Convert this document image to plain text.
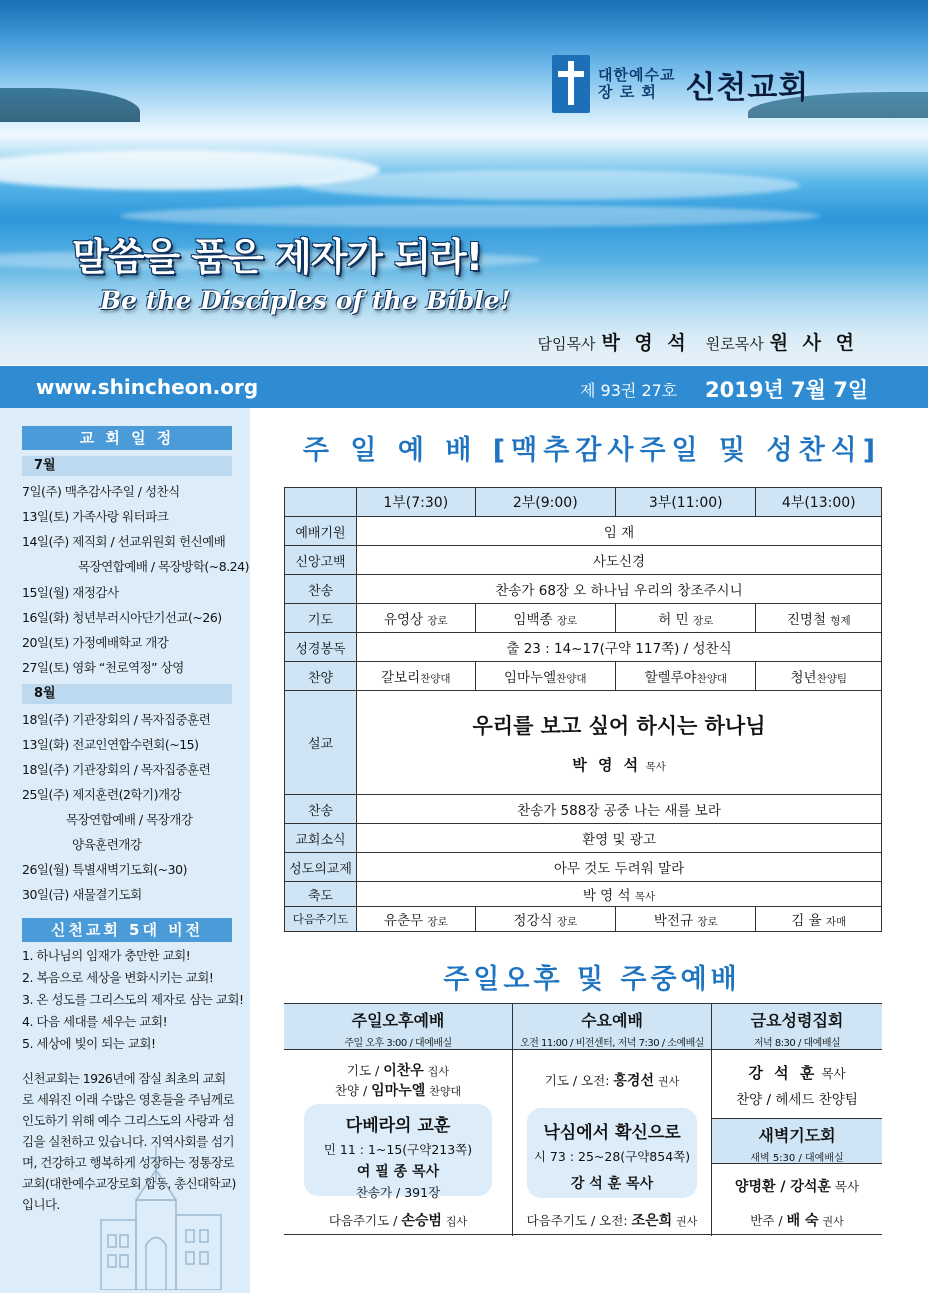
대한예수교
장 로 회 신천교회
말씀을 품은 제자가 되라!
Be the Disciples of the Bible!
담임목사 박 영 석 원로목사 원 사 연
www.shincheon.org	제 93권 27호 2019년 7월 7일
교 회 일 정
7월
7일(주) 맥추감사주일 / 성찬식
13일(토) 가족사랑 워터파크
14일(주) 제직회 / 선교위원회 헌신예배
목장연합예배 / 목장방학(~8.24)
15일(월) 재정감사
16일(화) 청년부러시아단기선교(~26)
20일(토) 가정예배학교 개강
27일(토) 영화 “천로역정” 상영
8월
18일(주) 기관장회의 / 목자집중훈련
13일(화) 전교인연합수련회(~15)
18일(주) 기관장회의 / 목자집중훈련
25일(주) 제지훈련(2학기)개강
목장연합예배 / 목장개강
양육훈련개강
26일(월) 특별새벽기도회(~30)
30일(금) 새물결기도회
신천교회 5대 비전
1. 하나님의 임재가 충만한 교회!
2. 복음으로 세상을 변화시키는 교회!
3. 온 성도를 그리스도의 제자로 삼는 교회!
4. 다음 세대를 세우는 교회!
5. 세상에 빛이 되는 교회!
신천교회는 1926년에 잠실 최초의 교회로 세워진 이래 수많은 영혼들을 주님께로 인도하기 위해 예수 그리스도의 사랑과 섬김을 실천하고 있습니다. 지역사회를 섬기며, 건강하고 행복하게 성장하는 정통장로교회(대한예수교장로회 합동, 총신대학교)입니다.
주 일 예 배 [맥추감사주일 및 성찬식]
	1부(7:30)	2부(9:00)	3부(11:00)	4부(13:00)
예배기원	임 재			
신앙고백	사도신경			
찬송	찬송가 68장 오 하나님 우리의 창조주시니			
기도	유영상 장로	임백종 장로	허 민 장로	진명철 형제
성경봉독	출 23 : 14~17(구약 117쪽) / 성찬식			
찬양	갈보리찬양대	임마누엘찬양대	할렐루야찬양대	청년찬양팀
설교	우리를 보고 싶어 하시는 하나님
박 영 석 목사			

찬송	찬송가 588장 공중 나는 새를 보라			
교회소식	환영 및 광고			
성도의교제	아무 것도 두려워 말라			
축도	박 영 석 목사			
다음주기도	유춘무 장로	정강식 장로	박전규 장로	김 율 자매
주일오후 및 주중예배
주일오후예배
주일 오후 3:00 / 대예배실
기도 / 이찬우 집사
찬양 / 임마누엘 찬양대
다베라의 교훈
민 11 : 1~15(구약213쪽)
여 필 종 목사
찬송가 / 391장
다음주기도 / 손승범 집사
수요예배
오전 11:00 / 비전센터, 저녁 7:30 / 소예배실
기도 / 오전: 홍경선 권사
낙심에서 확신으로
시 73 : 25~28(구약854쪽)
강 석 훈 목사
다음주기도 / 오전: 조은희 권사
금요성령집회
저녁 8:30 / 대예배실
강 석 훈 목사
찬양 / 헤세드 찬양팀
새벽기도회
새벽 5:30 / 대예배실
양명환 / 강석훈 목사
반주 / 배 숙 권사
